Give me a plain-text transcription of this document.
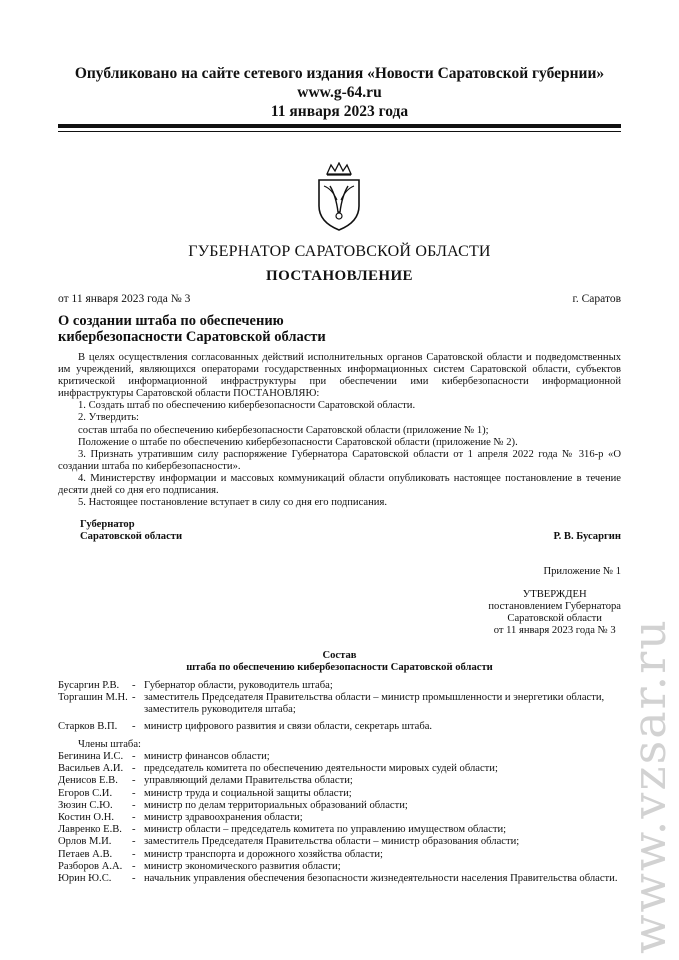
Опубликовано на сайте сетевого издания «Новости Саратовской губернии»
www.g-64.ru
11 января 2023 года
ГУБЕРНАТОР САРАТОВСКОЙ ОБЛАСТИ
ПОСТАНОВЛЕНИЕ
от 11 января 2023 года № 3	г. Саратов
О создании штаба по обеспечению
кибербезопасности Саратовской области

В целях осуществления согласованных действий исполнительных органов Саратовской области и подведомственных им учреждений, являющихся операторами государственных информационных систем Саратовской области, субъектов критической информационной инфраструктуры при обеспечении ими кибербезопасности информационной инфраструктуры Саратовской области ПОСТАНОВЛЯЮ:

1. Создать штаб по обеспечению кибербезопасности Саратовской области.

2. Утвердить:

состав штаба по обеспечению кибербезопасности Саратовской области (приложение № 1);

Положение о штабе по обеспечению кибербезопасности Саратовской области (приложение № 2).

3. Признать утратившим силу распоряжение Губернатора Саратовской области от 1 апреля 2022 года № 316-р «О создании штаба по кибербезопасности».

4. Министерству информации и массовых коммуникаций области опубликовать настоящее постановление в течение десяти дней со дня его подписания.

5. Настоящее постановление вступает в силу со дня его подписания.

Губернатор
Саратовской области	Р. В. Бусаргин
Приложение № 1
УТВЕРЖДЕН
постановлением Губернатора
Саратовской области
от 11 января 2023 года № 3
Состав
штаба по обеспечению кибербезопасности Саратовской области
Бусаргин Р.В.	- Губернатор области, руководитель штаба;
Торгашин М.Н. - заместитель Председателя Правительства области – министр промышленности и энергетики области, заместитель руководителя штаба;
Старков В.П.	- министр цифрового развития и связи области, секретарь штаба.
Члены штаба:
Бегинина И.С. - министр финансов области;
Васильев А.И. - председатель комитета по обеспечению деятельности мировых судей области;
Денисов Е.В.	- управляющий делами Правительства области;
Егоров С.И.	- министр труда и социальной защиты области;
Зюзин С.Ю.	- министр по делам территориальных образований области;
Костин О.Н.	- министр здравоохранения области;
Лавренко Е.В. - министр области – председатель комитета по управлению имуществом области;
Орлов М.И.	- заместитель Председателя Правительства области – министр образования области;
Петаев А.В.	- министр транспорта и дорожного хозяйства области;
Разборов А.А. - министр экономического развития области;
Юрин Ю.С.	- начальник управления обеспечения безопасности жизнедеятельности населения Правительства области. www.vzsar.ru
